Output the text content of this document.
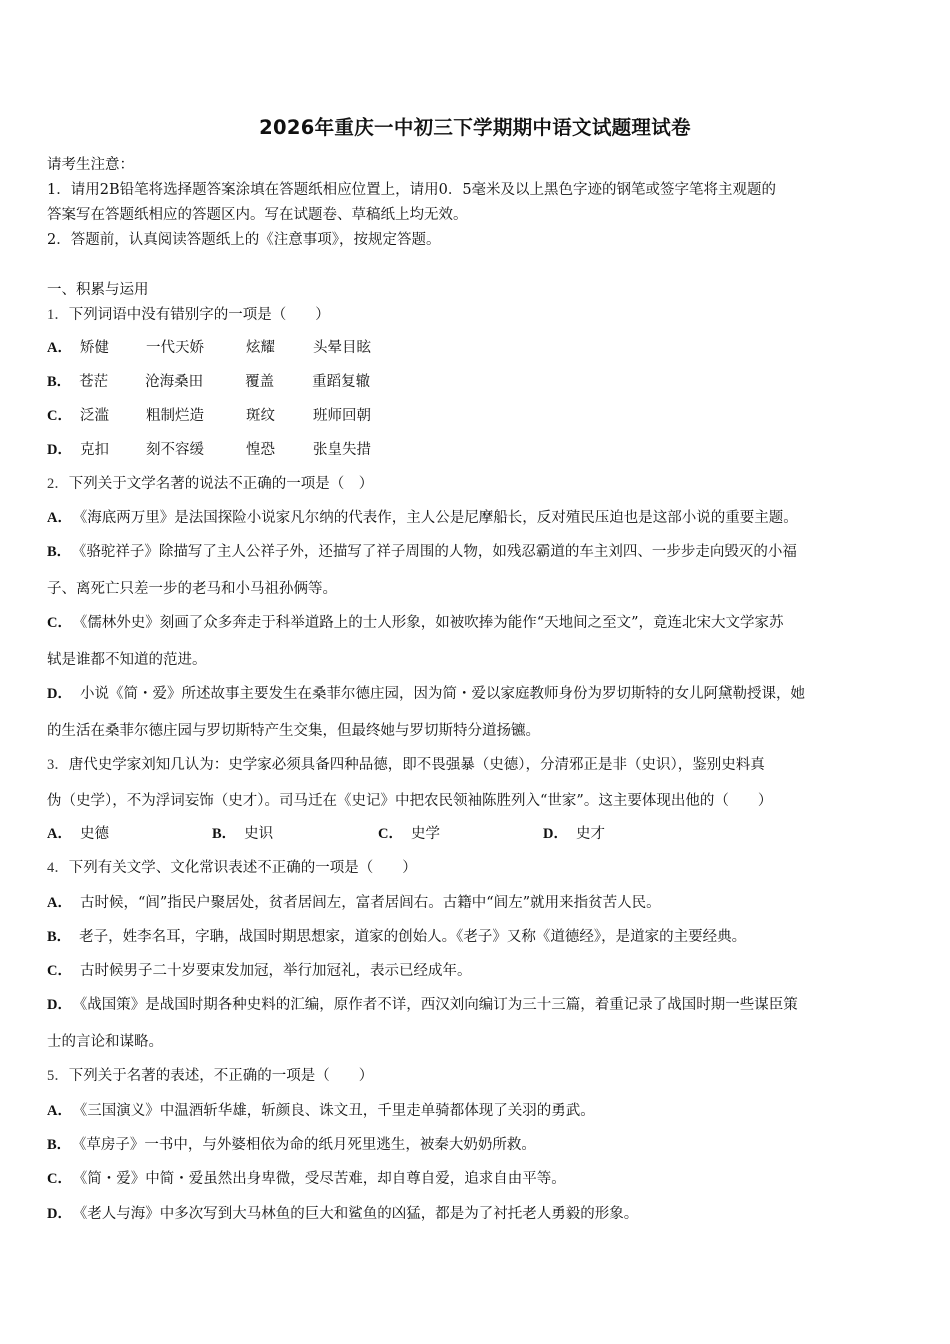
2026年重庆一中初三下学期期中语文试题理试卷
请考生注意：
1．请用2B铅笔将选择题答案涂填在答题纸相应位置上，请用0．5毫米及以上黑色字迹的钢笔或签字笔将主观题的
答案写在答题纸相应的答题区内。写在试题卷、草稿纸上均无效。
2．答题前，认真阅读答题纸上的《注意事项》，按规定答题。
一、积累与运用
1．下列词语中没有错别字的一项是（　　）
A． 矫健	一代天娇	炫耀	头晕目眩
B． 苍茫	沧海桑田	覆盖	重蹈复辙
C． 泛滥	粗制烂造	斑纹	班师回朝
D． 克扣	刻不容缓	惶恐	张皇失措
2．下列关于文学名著的说法不正确的一项是（　）
A． 《海底两万里》是法国探险小说家凡尔纳的代表作，主人公是尼摩船长，反对殖民压迫也是这部小说的重要主题。
B． 《骆驼祥子》除描写了主人公祥子外，还描写了祥子周围的人物，如残忍霸道的车主刘四、一步步走向毁灭的小福
子、离死亡只差一步的老马和小马祖孙俩等。
C． 《儒林外史》刻画了众多奔走于科举道路上的士人形象，如被吹捧为能作“天地间之至文”，竟连北宋大文学家苏
轼是谁都不知道的范进。
D． 小说《简・爱》所述故事主要发生在桑菲尔德庄园，因为简・爱以家庭教师身份为罗切斯特的女儿阿黛勒授课，她
的生活在桑菲尔德庄园与罗切斯特产生交集，但最终她与罗切斯特分道扬镳。
3．唐代史学家刘知几认为：史学家必须具备四种品德，即不畏强暴（史德），分清邪正是非（史识），鉴别史料真
伪（史学），不为浮词妄饰（史才）。司马迁在《史记》中把农民领袖陈胜列入“世家”。这主要体现出他的（　　）
A． 史德	B． 史识	C． 史学	D． 史才
4．下列有关文学、文化常识表述不正确的一项是（　　）
A． 古时候，“闾”指民户聚居处，贫者居闾左，富者居闾右。古籍中“闾左”就用来指贫苦人民。
B． 老子，姓李名耳，字聃，战国时期思想家，道家的创始人。《老子》又称《道德经》，是道家的主要经典。
C． 古时候男子二十岁要束发加冠，举行加冠礼，表示已经成年。
D． 《战国策》是战国时期各种史料的汇编，原作者不详，西汉刘向编订为三十三篇，着重记录了战国时期一些谋臣策
士的言论和谋略。
5．下列关于名著的表述，不正确的一项是（　　）
A． 《三国演义》中温酒斩华雄，斩颜良、诛文丑，千里走单骑都体现了关羽的勇武。
B． 《草房子》一书中，与外婆相依为命的纸月死里逃生，被秦大奶奶所救。
C． 《简・爱》中简・爱虽然出身卑微，受尽苦难，却自尊自爱，追求自由平等。
D． 《老人与海》中多次写到大马林鱼的巨大和鲨鱼的凶猛，都是为了衬托老人勇毅的形象。
